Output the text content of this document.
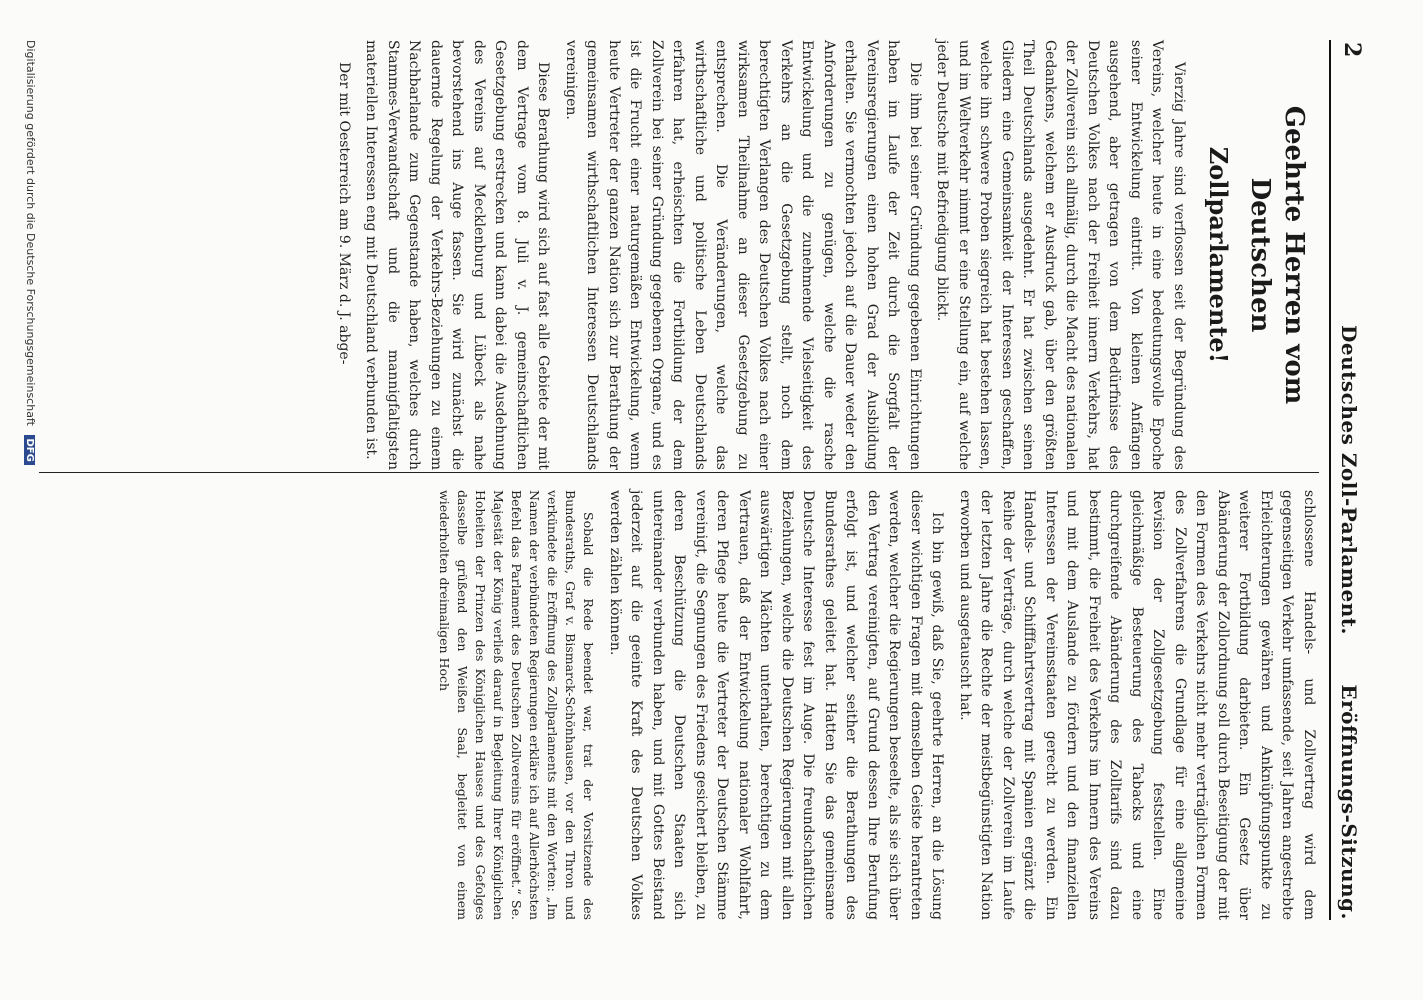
2
Deutsches Zoll-Parlament.
Eröffnungs-Sitzung.
Geehrte Herren vom Deutschen
Zollparlamente!

Vierzig Jahre sind verflossen seit der Begründung des Vereins, welcher heute in eine bedeutungsvolle Epoche seiner Entwickelung eintritt. Von kleinen Anfängen ausgehend, aber getragen von dem Bedürfnisse des Deutschen Volkes nach der Freiheit innern Verkehrs, hat der Zollverein sich allmälig, durch die Macht des nationalen Gedankens, welchem er Ausdruck gab, über den größten Theil Deutschlands ausgedehnt. Er hat zwischen seinen Gliedern eine Gemeinsamkeit der Interessen geschaffen, welche ihn schwere Proben siegreich hat bestehen lassen, und im Weltverkehr nimmt er eine Stellung ein, auf welche jeder Deutsche mit Befriedigung blickt.

Die ihm bei seiner Gründung gegebenen Einrichtungen haben im Laufe der Zeit durch die Sorgfalt der Vereinsregierungen einen hohen Grad der Ausbildung erhalten. Sie vermochten jedoch auf die Dauer weder den Anforderungen zu genügen, welche die rasche Entwickelung und die zunehmende Vielseitigkeit des Verkehrs an die Gesetzgebung stellt, noch dem berechtigten Verlangen des Deutschen Volkes nach einer wirksamen Theilnahme an dieser Gesetzgebung zu entsprechen. Die Veränderungen, welche das wirthschaftliche und politische Leben Deutschlands erfahren hat, erheischten die Fortbildung der dem Zollverein bei seiner Gründung gegebenen Organe, und es ist die Frucht einer naturgemäßen Entwickelung, wenn heute Vertreter der ganzen Nation sich zur Berathung der gemeinsamen wirthschaftlichen Interessen Deutschlands vereinigen.

Diese Berathung wird sich auf fast alle Gebiete der mit dem Vertrage vom 8. Juli v. J. gemeinschaftlichen Gesetzgebung erstrecken und kann dabei die Ausdehnung des Vereins auf Mecklenburg und Lübeck als nahe bevorstehend ins Auge fassen. Sie wird zunächst die dauernde Regelung der Verkehrs-Beziehungen zu einem Nachbarlande zum Gegenstande haben, welches durch Stammes-Verwandtschaft und die mannigfaltigsten materiellen Interessen eng mit Deutschland verbunden ist.

Der mit Oesterreich am 9. März d. J. abge-

schlossene Handels- und Zollvertrag wird dem gegenseitigen Verkehr umfassende, seit Jahren angestrebte Erleichterungen gewähren und Anknüpfungspunkte zu weiterer Fortbildung darbieten. Ein Gesetz über Abänderung der Zollordnung soll durch Beseitigung der mit den Formen des Verkehrs nicht mehr verträglichen Formen des Zollverfahrens die Grundlage für eine allgemeine Revision der Zollgesetzgebung feststellen. Eine gleichmäßige Besteuerung des Tabacks und eine durchgreifende Abänderung des Zolltarifs sind dazu bestimmt, die Freiheit des Verkehrs im Innern des Vereins und mit dem Auslande zu fördern und den finanziellen Interessen der Vereinsstaaten gerecht zu werden. Ein Handels- und Schifffahrtsvertrag mit Spanien ergänzt die Reihe der Verträge, durch welche der Zollverein im Laufe der letzten Jahre die Rechte der meistbegünstigten Nation erworben und ausgetauscht hat.

Ich bin gewiß, daß Sie, geehrte Herren, an die Lösung dieser wichtigen Fragen mit demselben Geiste herantreten werden, welcher die Regierungen beseelte, als sie sich über den Vertrag vereinigten, auf Grund dessen Ihre Berufung erfolgt ist, und welcher seither die Berathungen des Bundesrathes geleitet hat. Hatten Sie das gemeinsame Deutsche Interesse fest im Auge. Die freundschaftlichen Beziehungen, welche die Deutschen Regierungen mit allen auswärtigen Mächten unterhalten, berechtigen zu dem Vertrauen, daß der Entwickelung nationaler Wohlfahrt, deren Pflege heute die Vertreter der Deutschen Stämme vereinigt, die Segnungen des Friedens gesichert bleiben, zu deren Beschützung die Deutschen Staaten sich untereinander verbunden haben, und mit Gottes Beistand jederzeit auf die geeinte Kraft des Deutschen Volkes werden zählen können.

Sobald die Rede beendet war, trat der Vorsitzende des Bundesraths, Graf v. Bismarck-Schönhausen, vor den Thron und verkündete die Eröffnung des Zollparlaments mit den Worten: „Im Namen der verbündeten Regierungen erkläre ich auf Allerhöchsten Befehl das Parlament des Deutschen Zollvereins für eröffnet.“ Se. Majestät der König verließ darauf in Begleitung Ihrer Königlichen Hoheiten der Prinzen des Königlichen Hauses und des Gefolges dasselbe grüßend den Weißen Saal, begleitet von einem wiederholten dreimaligen Hoch

Digitalisierung gefördert durch die Deutsche Forschungsgemeinschaft DFG
